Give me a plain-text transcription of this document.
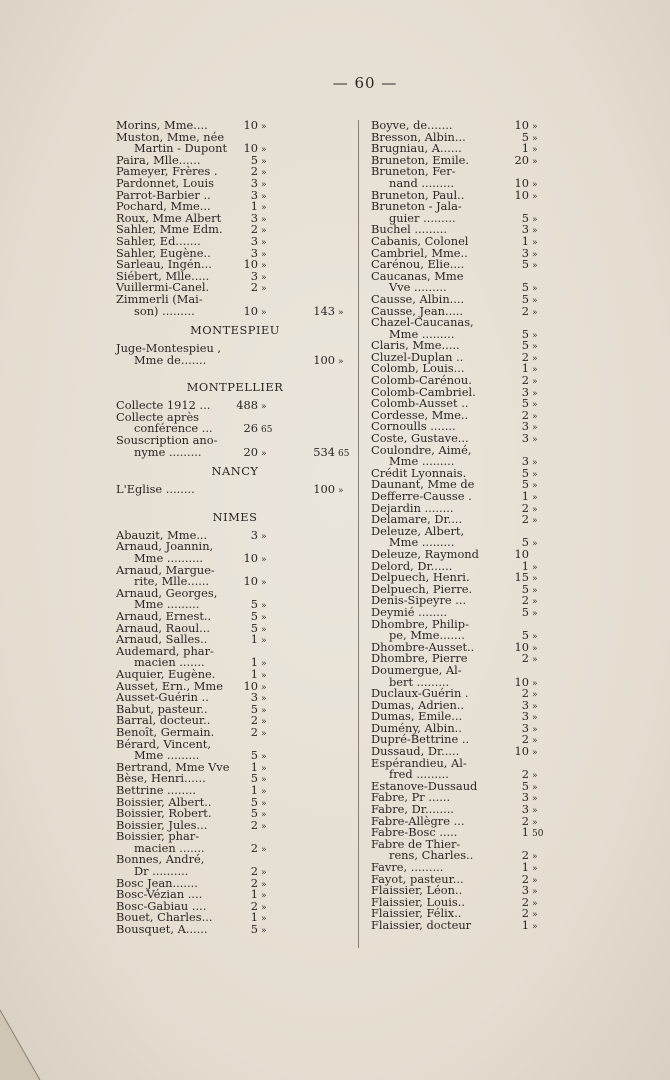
— 60 —
Morins, Mme....	10 »
Muston, Mme, née
Martin - Dupont	10 »
Paira, Mlle......	5 »
Pameyer, Frères .	2 »
Pardonnet, Louis	3 »
Parrot-Barbier ..	3 »
Pochard, Mme...	1 »
Roux, Mme Albert	3 »
Sahler, Mme Edm.	2 »
Sahler, Ed.......	3 »
Sahler, Eugène..	3 »
Sarleau, Ingén...	10 »
Siébert, Mlle.....	3 »
Vuillermi-Canel.	2 »
Zimmerli (Mai-
son) .........	10 »	143 »
MONTESPIEU
Juge-Montespieu ,
Mme de.......	100 »
MONTPELLIER
Collecte 1912 ... 488 »
Collecte après
conférence ...	26 65
Souscription ano-
nyme .........	20 »	534 65
NANCY
L'Eglise ........	100 »
NIMES
Abauzit, Mme...	3 »
Arnaud, Joannin,
Mme ..........	10 »
Arnaud, Margue-
rite, Mlle......	10 »
Arnaud, Georges,
Mme .........	5 »
Arnaud, Ernest..	5 »
Arnaud, Raoul...	5 »
Arnaud, Salles..	1 »
Audemard, phar-
macien .......	1 »
Auquier, Eugène.	1 »
Ausset, Ern., Mme	10 »
Ausset-Guérin ..	3 »
Babut, pasteur..	5 »
Barral, docteur..	2 »
Benoît, Germain.	2 »
Bérard, Vincent,
Mme .........	5 »
Bertrand, Mme Vve	1 »
Bèse, Henri......	5 »
Bettrine ........	1 »
Boissier, Albert..	5 »
Boissier, Robert.	5 »
Boissier, Jules...	2 »
Boissier, phar-
macien .......	2 »
Bonnes, André,
Dr ..........	2 »
Bosc Jean.......	2 »
Bosc-Vézian ....	1 »
Bosc-Gabiau ....	2 »
Bouet, Charles...	1 »
Bousquet, A......	5 »
Boyve, de.......	10 »
Bresson, Albin...	5 »
Brugniau, A......	1 »
Bruneton, Emile.	20 »
Bruneton, Fer-
nand .........	10 »
Bruneton, Paul..	10 »
Bruneton - Jala-
guier .........	5 »
Buchel .........	3 »
Cabanis, Colonel	1 »
Cambriel, Mme..	3 »
Carénou, Elie....	5 »
Caucanas, Mme
Vve .........	5 »
Causse, Albin....	5 »
Causse, Jean.....	2 »
Chazel-Caucanas,
Mme .........	5 »
Claris, Mme.....	5 »
Cluzel-Duplan ..	2 »
Colomb, Louis...	1 »
Colomb-Carénou.	2 »
Colomb-Cambriel.	3 »
Colomb-Ausset ..	5 »
Cordesse, Mme..	2 »
Cornoulls .......	3 »
Coste, Gustave...	3 »
Coulondre, Aimé,
Mme .........	3 »
Crédit Lyonnais.	5 »
Daunant, Mme de	5 »
Defferre-Causse .	1 »
Dejardin ........	2 »
Delamare, Dr....	2 »
Deleuze, Albert,
Mme .........	5 »
Deleuze, Raymond	10
Delord, Dr......	1 »
Delpuech, Henri.	15 »
Delpuech, Pierre.	5 »
Denis-Sipeyre ...	2 »
Deymié ........	5 »
Dhombre, Philip-
pe, Mme.......	5 »
Dhombre-Ausset..	10 »
Dhombre, Pierre	2 »
Doumergue, Al-
bert .........	10 »
Duclaux-Guérin .	2 »
Dumas, Adrien..	3 »
Dumas, Emile...	3 »
Dumény, Albin..	3 »
Dupré-Bettrine ..	2 »
Dussaud, Dr.....	10 »
Espérandieu, Al-
fred .........	2 »
Estanove-Dussaud	5 »
Fabre, Pr ......	3 »
Fabre, Dr........	3 »
Fabre-Allègre ...	2 »
Fabre-Bosc .....	1 50
Fabre de Thier-
rens, Charles..	2 »
Favre, .........	1 »
Fayot, pasteur...	2 »
Flaissier, Léon..	3 »
Flaissier, Louis..	2 »
Flaissier, Félix..	2 »
Flaissier, docteur	1 »
